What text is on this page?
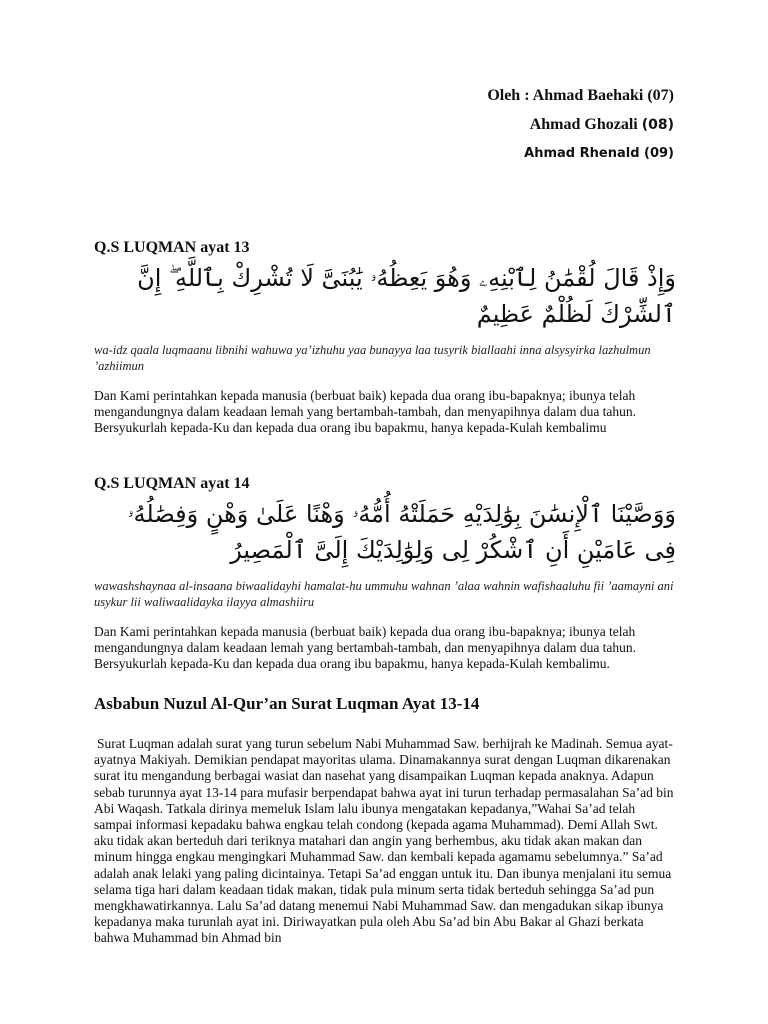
Oleh : Ahmad Baehaki (07)

Ahmad Ghozali (08)

Ahmad Rhenald (09)

Q.S LUQMAN ayat 13

وَإِذْ قَالَ لُقْمَٰنُ لِٱبْنِهِۦ وَهُوَ يَعِظُهُۥ يَٰبُنَىَّ لَا تُشْرِكْ بِٱللَّهِ ۖ إِنَّ ٱلشِّرْكَ لَظُلْمٌ عَظِيمٌ

wa-idz qaala luqmaanu libnihi wahuwa ya’izhuhu yaa bunayya laa tusyrik biallaahi inna alsysyirka lazhulmun ’azhiimun

Dan Kami perintahkan kepada manusia (berbuat baik) kepada dua orang ibu-bapaknya; ibunya telah mengandungnya dalam keadaan lemah yang bertambah-tambah, dan menyapihnya dalam dua tahun. Bersyukurlah kepada-Ku dan kepada dua orang ibu bapakmu, hanya kepada-Kulah kembalimu

Q.S LUQMAN ayat 14

وَوَصَّيْنَا ٱلْإِنسَٰنَ بِوَٰلِدَيْهِ حَمَلَتْهُ أُمُّهُۥ وَهْنًا عَلَىٰ وَهْنٍ وَفِصَٰلُهُۥ فِى عَامَيْنِ أَنِ ٱشْكُرْ لِى وَلِوَٰلِدَيْكَ إِلَىَّ ٱلْمَصِيرُ

wawashshaynaa al-insaana biwaalidayhi hamalat-hu ummuhu wahnan ’alaa wahnin wafishaaluhu fii ’aamayni ani usykur lii waliwaalidayka ilayya almashiiru

Dan Kami perintahkan kepada manusia (berbuat baik) kepada dua orang ibu-bapaknya; ibunya telah mengandungnya dalam keadaan lemah yang bertambah-tambah, dan menyapihnya dalam dua tahun. Bersyukurlah kepada-Ku dan kepada dua orang ibu bapakmu, hanya kepada-Kulah kembalimu.

Asbabun Nuzul Al-Qur’an Surat Luqman Ayat 13-14

Surat Luqman adalah surat yang turun sebelum Nabi Muhammad Saw. berhijrah ke Madinah. Semua ayat-ayatnya Makiyah. Demikian pendapat mayoritas ulama. Dinamakannya surat dengan Luqman dikarenakan surat itu mengandung berbagai wasiat dan nasehat yang disampaikan Luqman kepada anaknya. Adapun sebab turunnya ayat 13-14 para mufasir berpendapat bahwa ayat ini turun terhadap permasalahan Sa’ad bin Abi Waqash. Tatkala dirinya memeluk Islam lalu ibunya mengatakan kepadanya,”Wahai Sa’ad telah sampai informasi kepadaku bahwa engkau telah condong (kepada agama Muhammad). Demi Allah Swt. aku tidak akan berteduh dari teriknya matahari dan angin yang berhembus, aku tidak akan makan dan minum hingga engkau mengingkari Muhammad Saw. dan kembali kepada agamamu sebelumnya.” Sa’ad adalah anak lelaki yang paling dicintainya. Tetapi Sa’ad enggan untuk itu. Dan ibunya menjalani itu semua selama tiga hari dalam keadaan tidak makan, tidak pula minum serta tidak berteduh sehingga Sa’ad pun mengkhawatirkannya. Lalu Sa’ad datang menemui Nabi Muhammad Saw. dan mengadukan sikap ibunya kepadanya maka turunlah ayat ini. Diriwayatkan pula oleh Abu Sa’ad bin Abu Bakar al Ghazi berkata bahwa Muhammad bin Ahmad bin
